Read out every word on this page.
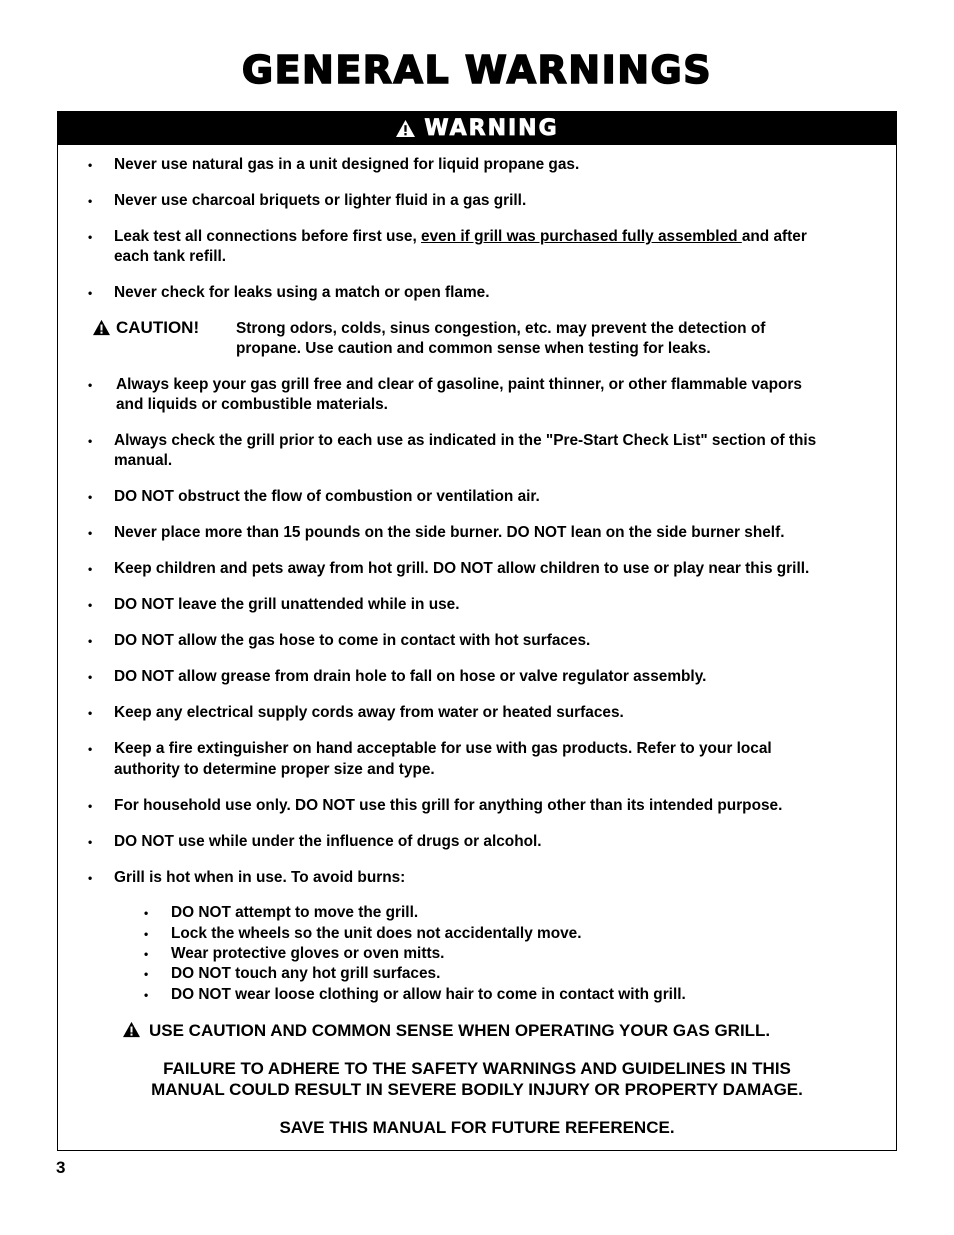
GENERAL WARNINGS
WARNING
• Never use natural gas in a unit designed for liquid propane gas.
• Never use charcoal briquets or lighter fluid in a gas grill.
• Leak test all connections before first use, even if grill was purchased fully assembled and after
each tank refill.
• Never check for leaks using a match or open flame.
CAUTION! Strong odors, colds, sinus congestion, etc. may prevent the detection of
propane. Use caution and common sense when testing for leaks.
• Always keep your gas grill free and clear of gasoline, paint thinner, or other flammable vapors
and liquids or combustible materials.
• Always check the grill prior to each use as indicated in the "Pre-Start Check List" section of this
manual.
• DO NOT obstruct the flow of combustion or ventilation air.
• Never place more than 15 pounds on the side burner. DO NOT lean on the side burner shelf.
• Keep children and pets away from hot grill. DO NOT allow children to use or play near this grill.
• DO NOT leave the grill unattended while in use.
• DO NOT allow the gas hose to come in contact with hot surfaces.
• DO NOT allow grease from drain hole to fall on hose or valve regulator assembly.
• Keep any electrical supply cords away from water or heated surfaces.
• Keep a fire extinguisher on hand acceptable for use with gas products. Refer to your local
authority to determine proper size and type.
• For household use only. DO NOT use this grill for anything other than its intended purpose.
• DO NOT use while under the influence of drugs or alcohol.
• Grill is hot when in use. To avoid burns:
• DO NOT attempt to move the grill.
• Lock the wheels so the unit does not accidentally move.
• Wear protective gloves or oven mitts.
• DO NOT touch any hot grill surfaces.
• DO NOT wear loose clothing or allow hair to come in contact with grill.
USE CAUTION AND COMMON SENSE WHEN OPERATING YOUR GAS GRILL.
FAILURE TO ADHERE TO THE SAFETY WARNINGS AND GUIDELINES IN THIS
MANUAL COULD RESULT IN SEVERE BODILY INJURY OR PROPERTY DAMAGE.
SAVE THIS MANUAL FOR FUTURE REFERENCE.
3
